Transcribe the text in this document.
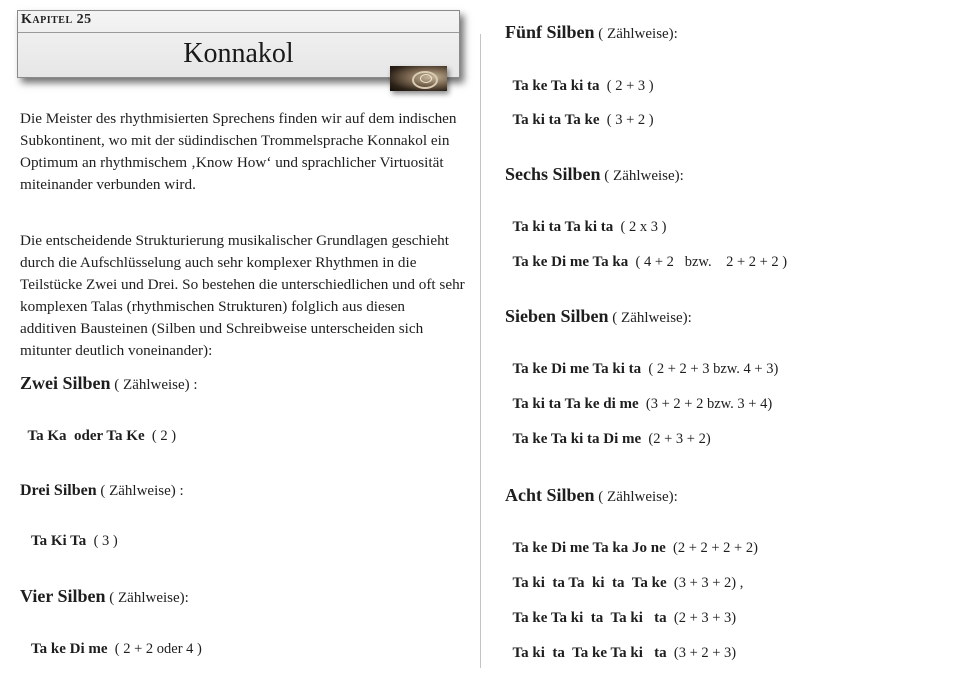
Kapitel 25
Konnakol

Die Meister des rhythmisierten Sprechens finden wir auf dem indischen Subkontinent, wo mit der südindischen Trommelsprache Konnakol ein Optimum an rhythmischem ‚Know How‘ und sprachlicher Virtuosität miteinander verbunden wird.

Die entscheidende Strukturierung musikalischer Grundlagen geschieht durch die Aufschlüsselung auch sehr komplexer Rhythmen in die Teilstücke Zwei und Drei. So bestehen die unterschiedlichen und oft sehr komplexen Talas (rhythmischen Strukturen) folglich aus diesen additiven Bausteinen (Silben und Schreibweise unterscheiden sich mitunter deutlich voneinander):

Zwei Silben ( Zählweise) :

Ta Ka  oder Ta Ke  ( 2 )

Drei Silben ( Zählweise) :

Ta Ki Ta  ( 3 )

Vier Silben ( Zählweise):

Ta ke Di me  ( 2 + 2 oder 4 )

Fünf Silben ( Zählweise):

Ta ke Ta ki ta  ( 2 + 3 )

Ta ki ta Ta ke  ( 3 + 2 )

Sechs Silben ( Zählweise):

Ta ki ta Ta ki ta  ( 2 x 3 )

Ta ke Di me Ta ka  ( 4 + 2   bzw.    2 + 2 + 2 )

Sieben Silben ( Zählweise):

Ta ke Di me Ta ki ta  ( 2 + 2 + 3 bzw. 4 + 3)

Ta ki ta Ta ke di me  (3 + 2 + 2 bzw. 3 + 4)

Ta ke Ta ki ta Di me  (2 + 3 + 2)

Acht Silben ( Zählweise):

Ta ke Di me Ta ka Jo ne  (2 + 2 + 2 + 2)

Ta ki  ta Ta  ki  ta  Ta ke  (3 + 3 + 2) ,

Ta ke Ta ki  ta  Ta ki   ta  (2 + 3 + 3)

Ta ki  ta  Ta ke Ta ki   ta  (3 + 2 + 3)
